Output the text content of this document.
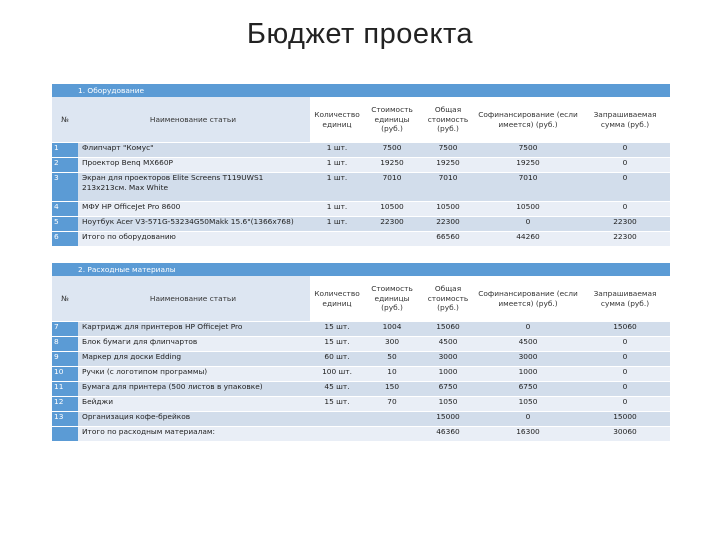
Бюджет проекта
1. Оборудование						
№	Наименование статьи	Количество единиц	Стоимость единицы (руб.)	Общая стоимость (руб.)	Софинансирование (если имеется) (руб.)	Запрашиваемая сумма (руб.)
1	Флипчарт "Комус"	1 шт.	7500	7500	7500	0
2	Проектор Benq MX660P	1 шт.	19250	19250	19250	0
3	Экран для проекторов Elite Screens T119UWS1 213х213см. Max White	1 шт.	7010	7010	7010	0
4	МФУ HP OfficeJet Pro 8600	1 шт.	10500	10500	10500	0
5	Ноутбук Acer V3-571G-53234G50Makk 15.6"(1366x768)	1 шт.	22300	22300	0	22300
6	Итого по оборудованию			66560	44260	22300
2. Расходные материалы						
№	Наименование статьи	Количество единиц	Стоимость единицы (руб.)	Общая стоимость (руб.)	Софинансирование (если имеется) (руб.)	Запрашиваемая сумма (руб.)
7	Картридж для принтеров HP Officejet Pro	15 шт.	1004	15060	0	15060
8	Блок бумаги для флипчартов	15 шт.	300	4500	4500	0
9	Маркер для доски Edding	60 шт.	50	3000	3000	0
10	Ручки (с логотипом программы)	100 шт.	10	1000	1000	0
11	Бумага для принтера (500 листов в упаковке)	45 шт.	150	6750	6750	0
12	Бейджи	15 шт.	70	1050	1050	0
13	Организация кофе-брейков			15000	0	15000
	Итого по расходным материалам:			46360	16300	30060
